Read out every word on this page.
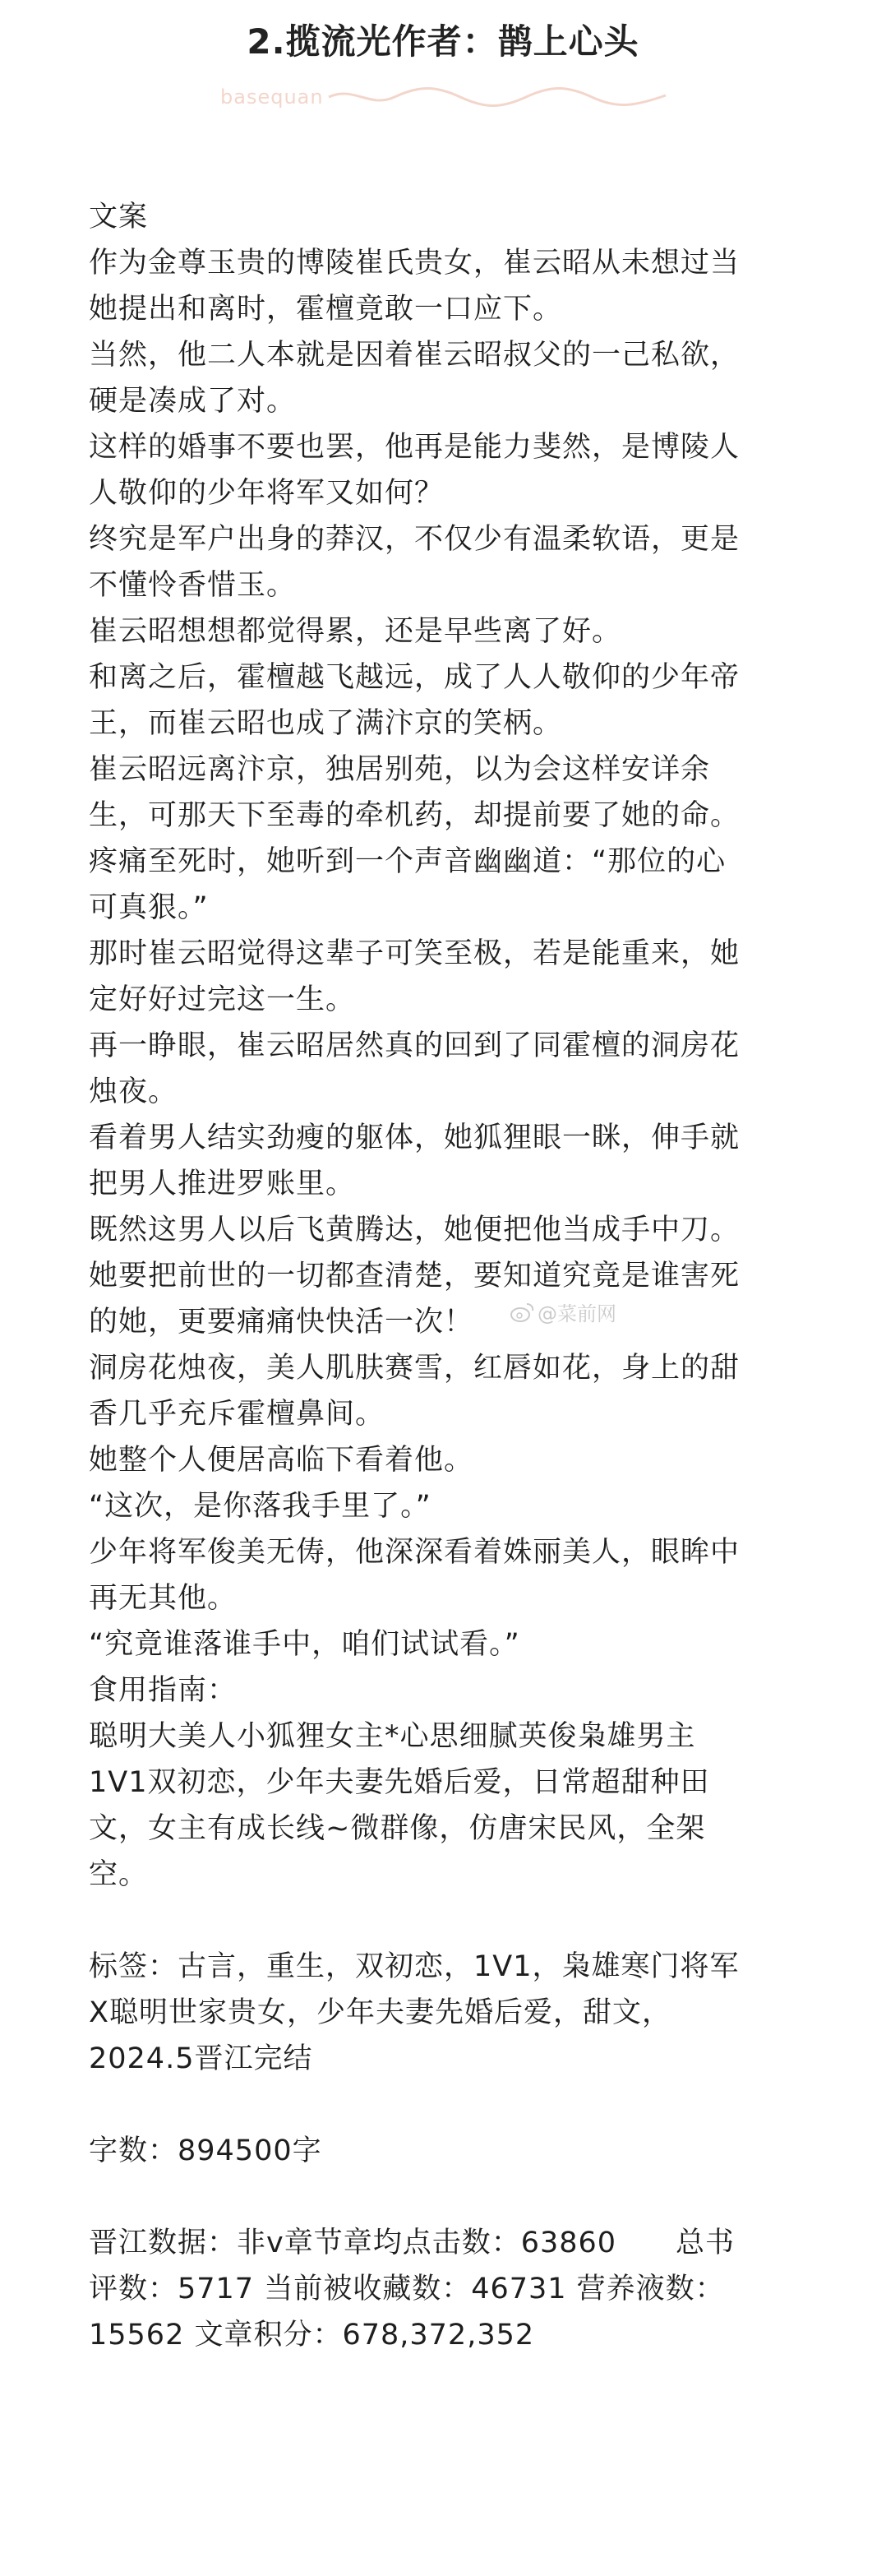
2.揽流光作者：鹊上心头
basequan
文案
作为金尊玉贵的博陵崔氏贵女，崔云昭从未想过当
她提出和离时，霍檀竟敢一口应下。
当然，他二人本就是因着崔云昭叔父的一己私欲，
硬是凑成了对。
这样的婚事不要也罢，他再是能力斐然，是博陵人
人敬仰的少年将军又如何？
终究是军户出身的莽汉，不仅少有温柔软语，更是
不懂怜香惜玉。
崔云昭想想都觉得累，还是早些离了好。
和离之后，霍檀越飞越远，成了人人敬仰的少年帝
王，而崔云昭也成了满汴京的笑柄。
崔云昭远离汴京，独居别苑，以为会这样安详余
生，可那天下至毒的牵机药，却提前要了她的命。
疼痛至死时，她听到一个声音幽幽道：“那位的心
可真狠。”
那时崔云昭觉得这辈子可笑至极，若是能重来，她
定好好过完这一生。
再一睁眼，崔云昭居然真的回到了同霍檀的洞房花
烛夜。
看着男人结实劲瘦的躯体，她狐狸眼一眯，伸手就
把男人推进罗账里。
既然这男人以后飞黄腾达，她便把他当成手中刀。
她要把前世的一切都查清楚，要知道究竟是谁害死
的她，更要痛痛快快活一次！
洞房花烛夜，美人肌肤赛雪，红唇如花，身上的甜
香几乎充斥霍檀鼻间。
她整个人便居高临下看着他。
“这次，是你落我手里了。”
少年将军俊美无俦，他深深看着姝丽美人，眼眸中
再无其他。
“究竟谁落谁手中，咱们试试看。”
食用指南：
聪明大美人小狐狸女主*心思细腻英俊枭雄男主
1V1双初恋，少年夫妻先婚后爱，日常超甜种田
文，女主有成长线~微群像，仿唐宋民风，全架
空。
标签：古言，重生，双初恋，1V1，枭雄寒门将军
X聪明世家贵女，少年夫妻先婚后爱，甜文，
2024.5晋江完结
字数：894500字
晋江数据：非v章节章均点击数：63860　　总书
评数：5717 当前被收藏数：46731 营养液数：
15562 文章积分：678,372,352
@菜前网
